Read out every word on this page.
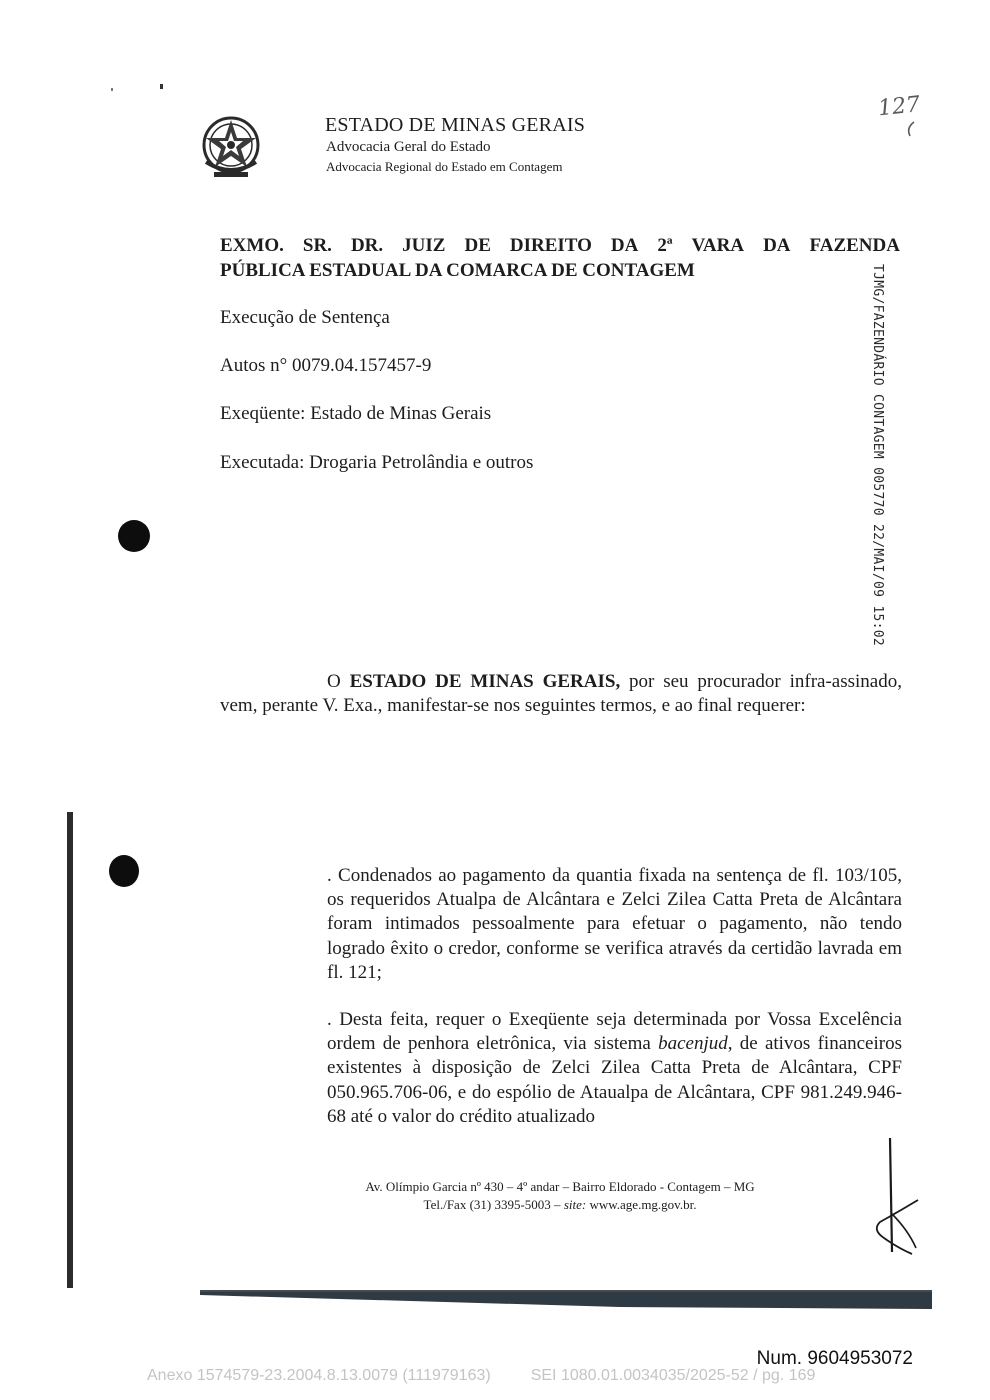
ESTADO DE MINAS GERAIS
Advocacia Geral do Estado
Advocacia Regional do Estado em Contagem
127
EXMO. SR. DR. JUIZ DE DIREITO DA 2ª VARA DA FAZENDA
PÚBLICA ESTADUAL DA COMARCA DE CONTAGEM	TJMG/FAZENDÁRIO CONTAGEM 005770 22/MAI/09 15:02
Execução de Sentença
Autos n° 0079.04.157457-9
Exeqüente: Estado de Minas Gerais
Executada: Drogaria Petrolândia e outros
O ESTADO DE MINAS GERAIS, por seu procurador infra-assinado, vem, perante V. Exa., manifestar-se nos seguintes termos, e ao final requerer:
. Condenados ao pagamento da quantia fixada na sentença de fl. 103/105, os requeridos Atualpa de Alcântara e Zelci Zilea Catta Preta de Alcântara foram intimados pessoalmente para efetuar o pagamento, não tendo logrado êxito o credor, conforme se verifica através da certidão lavrada em fl. 121;
. Desta feita, requer o Exeqüente seja determinada por Vossa Excelência ordem de penhora eletrônica, via sistema bacenjud, de ativos financeiros existentes à disposição de Zelci Zilea Catta Preta de Alcântara, CPF 050.965.706-06, e do espólio de Ataualpa de Alcântara, CPF 981.249.946-68 até o valor do crédito atualizado
Av. Olímpio Garcia nº 430 – 4º andar – Bairro Eldorado - Contagem – MG
Tel./Fax (31) 3395-5003 – site: www.age.mg.gov.br.
Num. 9604953072
Anexo 1574579-23.2004.8.13.0079 (111979163)	SEI 1080.01.0034035/2025-52 / pg. 169
